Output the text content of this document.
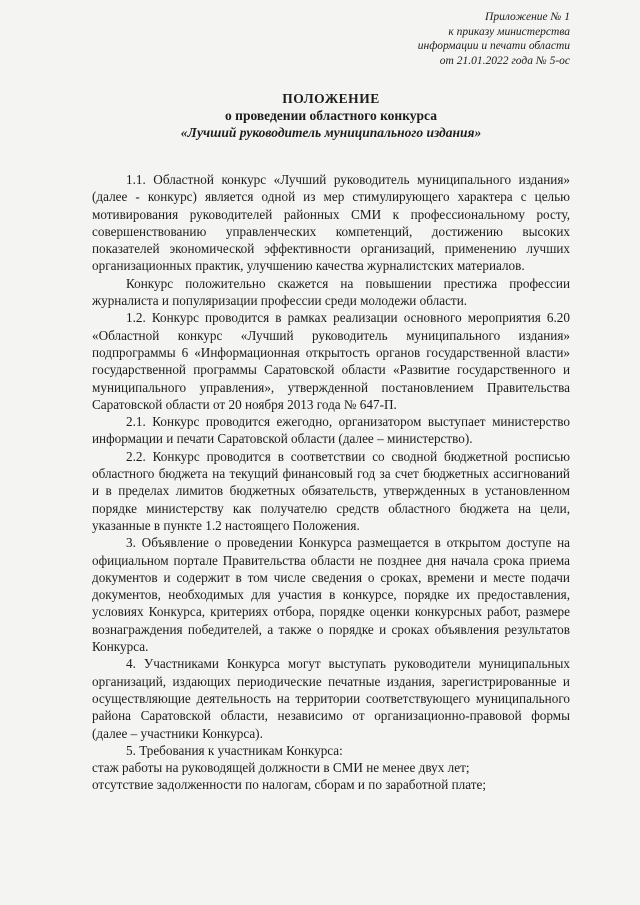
Приложение № 1
к приказу министерства
информации и печати области
от 21.01.2022 года № 5-ос
ПОЛОЖЕНИЕ
о проведении областного конкурса
«Лучший руководитель муниципального издания»

1.1. Областной конкурс «Лучший руководитель муниципального издания» (далее - конкурс) является одной из мер стимулирующего характера с целью мотивирования руководителей районных СМИ к профессиональному росту, совершенствованию управленческих компетенций, достижению высоких показателей экономической эффективности организаций, применению лучших организационных практик, улучшению качества журналистских материалов.

Конкурс положительно скажется на повышении престижа профессии журналиста и популяризации профессии среди молодежи области.

1.2. Конкурс проводится в рамках реализации основного мероприятия 6.20 «Областной конкурс «Лучший руководитель муниципального издания» подпрограммы 6 «Информационная открытость органов государственной власти» государственной программы Саратовской области «Развитие государственного и муниципального управления», утвержденной постановлением Правительства Саратовской области от 20 ноября 2013 года № 647-П.

2.1. Конкурс проводится ежегодно, организатором выступает министерство информации и печати Саратовской области (далее – министерство).

2.2. Конкурс проводится в соответствии со сводной бюджетной росписью областного бюджета на текущий финансовый год за счет бюджетных ассигнований и в пределах лимитов бюджетных обязательств, утвержденных в установленном порядке министерству как получателю средств областного бюджета на цели, указанные в пункте 1.2 настоящего Положения.

3. Объявление о проведении Конкурса размещается в открытом доступе на официальном портале Правительства области не позднее дня начала срока приема документов и содержит в том числе сведения о сроках, времени и месте подачи документов, необходимых для участия в конкурсе, порядке их предоставления, условиях Конкурса, критериях отбора, порядке оценки конкурсных работ, размере вознаграждения победителей, а также о порядке и сроках объявления результатов Конкурса.

4. Участниками Конкурса могут выступать руководители муниципальных организаций, издающих периодические печатные издания, зарегистрированные и осуществляющие деятельность на территории соответствующего муниципального района Саратовской области, независимо от организационно-правовой формы (далее – участники Конкурса).

5. Требования к участникам Конкурса:

стаж работы на руководящей должности в СМИ не менее двух лет;

отсутствие задолженности по налогам, сборам и по заработной плате;
